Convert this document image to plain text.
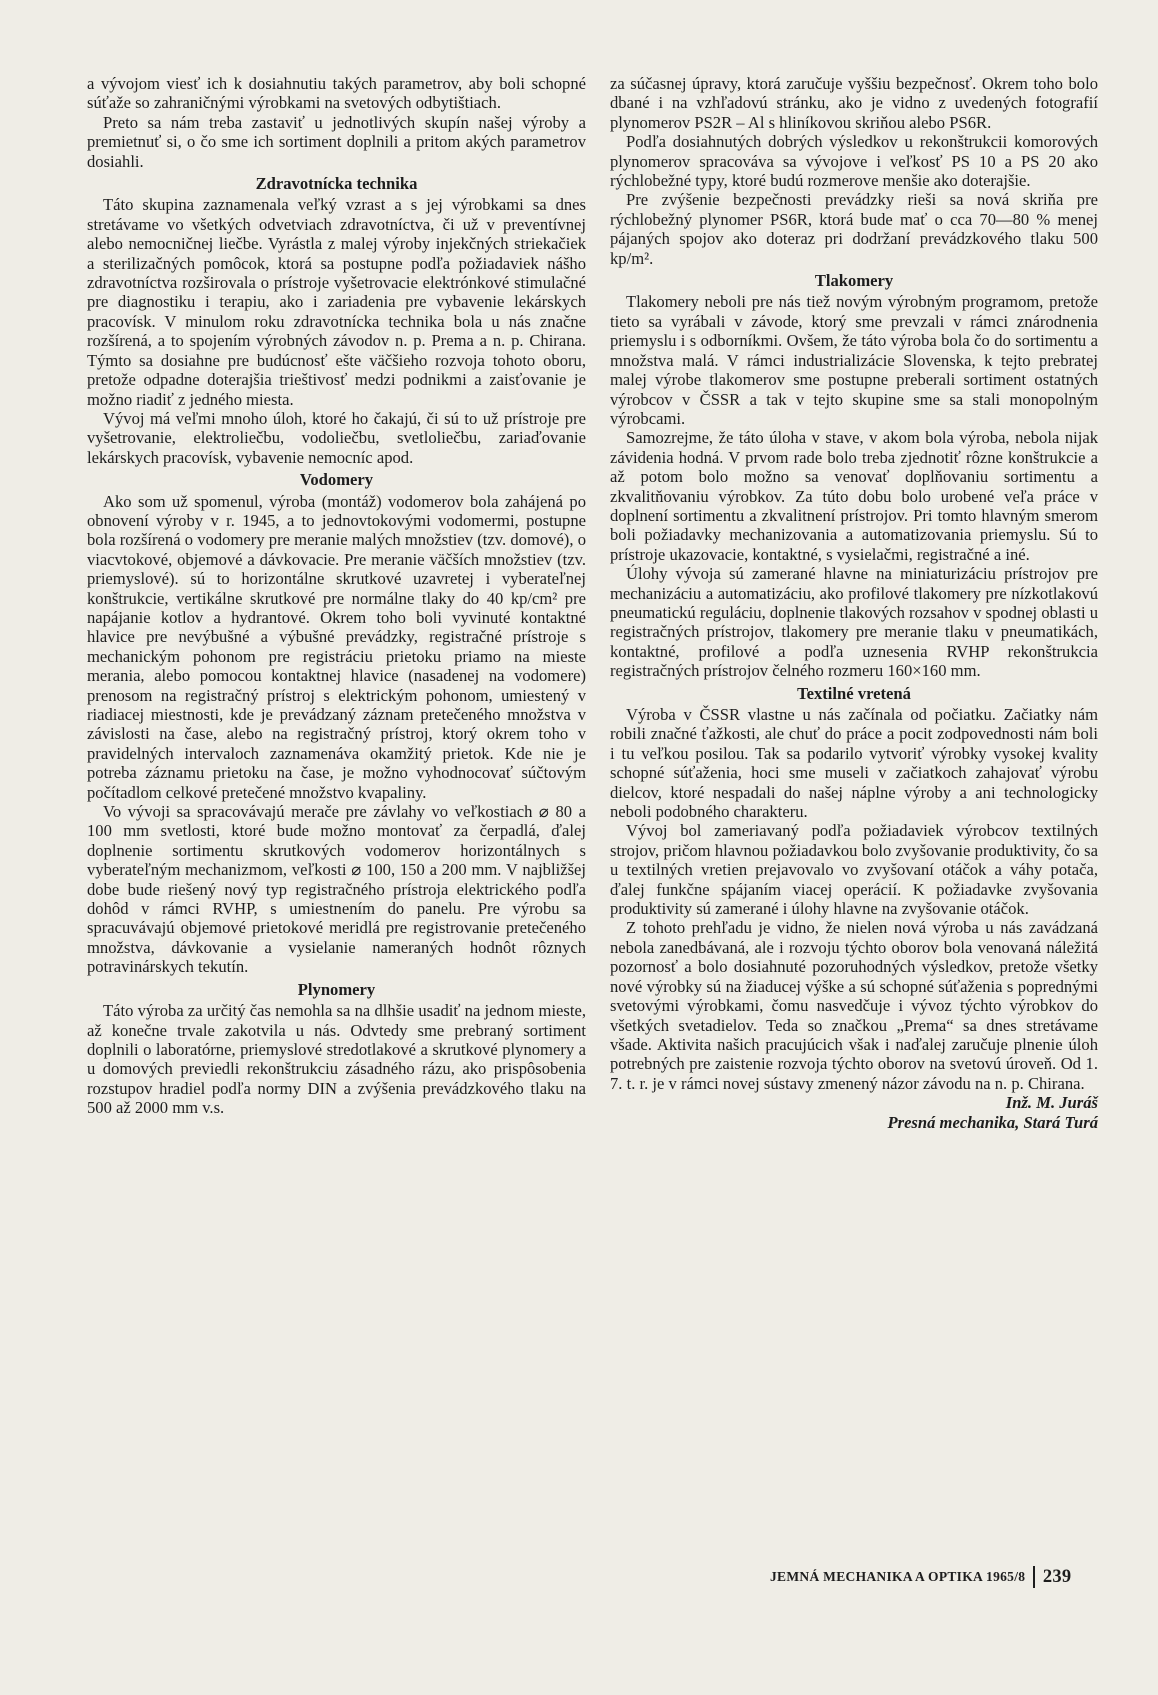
a vývojom viesť ich k dosiahnutiu takých parametrov, aby boli schopné súťaže so zahraničnými výrobkami na svetových odbytištiach.

Preto sa nám treba zastaviť u jednotlivých skupín našej výroby a premietnuť si, o čo sme ich sortiment doplnili a pritom akých parametrov dosiahli.

Zdravotnícka technika

Táto skupina zaznamenala veľký vzrast a s jej výrobkami sa dnes stretávame vo všetkých odvetviach zdravotníctva, či už v preventívnej alebo nemocničnej liečbe. Vyrástla z malej výroby injekčných striekačiek a sterilizačných pomôcok, ktorá sa postupne podľa požiadaviek nášho zdravotníctva rozširovala o prístroje vyšetrovacie elektrónkové stimulačné pre diagnostiku i terapiu, ako i zariadenia pre vybavenie lekárskych pracovísk. V minulom roku zdravotnícka technika bola u nás značne rozšírená, a to spojením výrobných závodov n. p. Prema a n. p. Chirana. Týmto sa dosiahne pre budúcnosť ešte väčšieho rozvoja tohoto oboru, pretože odpadne doterajšia trieštivosť medzi podnikmi a zaisťovanie je možno riadiť z jedného miesta.

Vývoj má veľmi mnoho úloh, ktoré ho čakajú, či sú to už prístroje pre vyšetrovanie, elektroliečbu, vodoliečbu, svetloliečbu, zariaďovanie lekárskych pracovísk, vybavenie nemocníc apod.

Vodomery

Ako som už spomenul, výroba (montáž) vodomerov bola zahájená po obnovení výroby v r. 1945, a to jednovtokovými vodomermi, postupne bola rozšírená o vodomery pre meranie malých množstiev (tzv. domové), o viacvtokové, objemové a dávkovacie. Pre meranie väčších množstiev (tzv. priemyslové). sú to horizontálne skrutkové uzavretej i vyberateľnej konštrukcie, vertikálne skrutkové pre normálne tlaky do 40 kp/cm² pre napájanie kotlov a hydrantové. Okrem toho boli vyvinuté kontaktné hlavice pre nevýbušné a výbušné prevádzky, registračné prístroje s mechanickým pohonom pre registráciu prietoku priamo na mieste merania, alebo pomocou kontaktnej hlavice (nasadenej na vodomere) prenosom na registračný prístroj s elektrickým pohonom, umiestený v riadiacej miestnosti, kde je prevádzaný záznam pretečeného množstva v závislosti na čase, alebo na registračný prístroj, ktorý okrem toho v pravidelných intervaloch zaznamenáva okamžitý prietok. Kde nie je potreba záznamu prietoku na čase, je možno vyhodnocovať súčtovým počítadlom celkové pretečené množstvo kvapaliny.

Vo vývoji sa spracovávajú merače pre závlahy vo veľkostiach ⌀ 80 a 100 mm svetlosti, ktoré bude možno montovať za čerpadlá, ďalej doplnenie sortimentu skrutkových vodomerov horizontálnych s vyberateľným mechanizmom, veľkosti ⌀ 100, 150 a 200 mm. V najbližšej dobe bude riešený nový typ registračného prístroja elektrického podľa dohôd v rámci RVHP, s umiestnením do panelu. Pre výrobu sa spracuvávajú objemové prietokové meridlá pre registrovanie pretečeného množstva, dávkovanie a vysielanie nameraných hodnôt rôznych potravinárskych tekutín.

Plynomery

Táto výroba za určitý čas nemohla sa na dlhšie usadiť na jednom mieste, až konečne trvale zakotvila u nás. Odvtedy sme prebraný sortiment doplnili o laboratórne, priemyslové stredotlakové a skrutkové plynomery a u domových previedli rekonštrukciu zásadného rázu, ako prispôsobenia rozstupov hradiel podľa normy DIN a zvýšenia prevádzkového tlaku na 500 až 2000 mm v.s.

za súčasnej úpravy, ktorá zaručuje vyššiu bezpečnosť. Okrem toho bolo dbané i na vzhľadovú stránku, ako je vidno z uvedených fotografií plynomerov PS2R – Al s hliníkovou skriňou alebo PS6R.

Podľa dosiahnutých dobrých výsledkov u rekonštrukcii komorových plynomerov spracováva sa vývojove i veľkosť PS 10 a PS 20 ako rýchlobežné typy, ktoré budú rozmerove menšie ako doterajšie.

Pre zvýšenie bezpečnosti prevádzky rieši sa nová skriňa pre rýchlobežný plynomer PS6R, ktorá bude mať o cca 70—80 % menej pájaných spojov ako doteraz pri dodržaní prevádzkového tlaku 500 kp/m².

Tlakomery

Tlakomery neboli pre nás tiež novým výrobným programom, pretože tieto sa vyrábali v závode, ktorý sme prevzali v rámci znárodnenia priemyslu i s odborníkmi. Ovšem, že táto výroba bola čo do sortimentu a množstva malá. V rámci industrializácie Slovenska, k tejto prebratej malej výrobe tlakomerov sme postupne preberali sortiment ostatných výrobcov v ČSSR a tak v tejto skupine sme sa stali monopolným výrobcami.

Samozrejme, že táto úloha v stave, v akom bola výroba, nebola nijak závidenia hodná. V prvom rade bolo treba zjednotiť rôzne konštrukcie a až potom bolo možno sa venovať doplňovaniu sortimentu a zkvalitňovaniu výrobkov. Za túto dobu bolo urobené veľa práce v doplnení sortimentu a zkvalitnení prístrojov. Pri tomto hlavným smerom boli požiadavky mechanizovania a automatizovania priemyslu. Sú to prístroje ukazovacie, kontaktné, s vysielačmi, registračné a iné.

Úlohy vývoja sú zamerané hlavne na miniaturizáciu prístrojov pre mechanizáciu a automatizáciu, ako profilové tlakomery pre nízkotlakovú pneumatickú reguláciu, doplnenie tlakových rozsahov v spodnej oblasti u registračných prístrojov, tlakomery pre meranie tlaku v pneumatikách, kontaktné, profilové a podľa uznesenia RVHP rekonštrukcia registračných prístrojov čelného rozmeru 160×160 mm.

Textilné vretená

Výroba v ČSSR vlastne u nás začínala od počiatku. Začiatky nám robili značné ťažkosti, ale chuť do práce a pocit zodpovednosti nám boli i tu veľkou posilou. Tak sa podarilo vytvoriť výrobky vysokej kvality schopné súťaženia, hoci sme museli v začiatkoch zahajovať výrobu dielcov, ktoré nespadali do našej náplne výroby a ani technologicky neboli podobného charakteru.

Vývoj bol zameriavaný podľa požiadaviek výrobcov textilných strojov, pričom hlavnou požiadavkou bolo zvyšovanie produktivity, čo sa u textilných vretien prejavovalo vo zvyšovaní otáčok a váhy potača, ďalej funkčne spájaním viacej operácií. K požiadavke zvyšovania produktivity sú zamerané i úlohy hlavne na zvyšovanie otáčok.

Z tohoto prehľadu je vidno, že nielen nová výroba u nás zavádzaná nebola zanedbávaná, ale i rozvoju týchto oborov bola venovaná náležitá pozornosť a bolo dosiahnuté pozoruhodných výsledkov, pretože všetky nové výrobky sú na žiaducej výške a sú schopné súťaženia s poprednými svetovými výrobkami, čomu nasvedčuje i vývoz týchto výrobkov do všetkých svetadielov. Teda so značkou „Prema“ sa dnes stretávame všade. Aktivita našich pracujúcich však i naďalej zaručuje plnenie úloh potrebných pre zaistenie rozvoja týchto oborov na svetovú úroveň. Od 1. 7. t. r. je v rámci novej sústavy zmenený názor závodu na n. p. Chirana.

Inž. M. Juráš

Presná mechanika, Stará Turá

JEMNÁ MECHANIKA A OPTIKA 1965/8 239
